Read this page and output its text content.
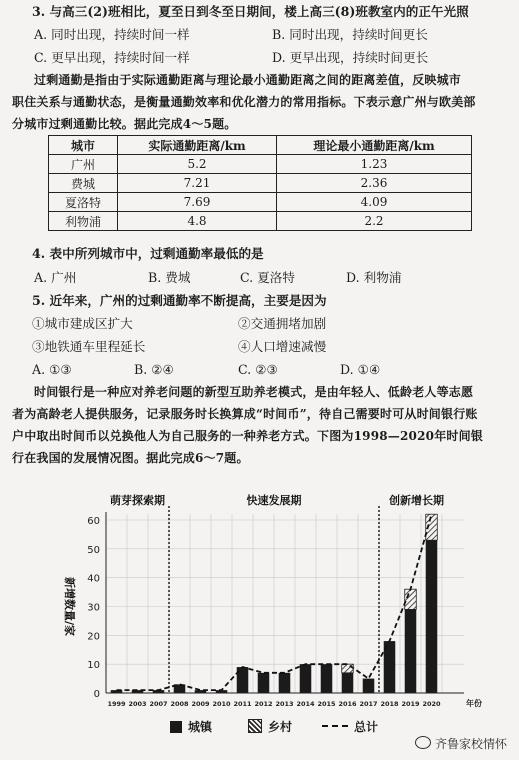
3. 与高三(2)班相比，夏至日到冬至日期间，楼上高三(8)班教室内的正午光照
A. 同时出现，持续时间一样	B. 同时出现，持续时间更长
C. 更早出现，持续时间一样	D. 更早出现，持续时间更长
过剩通勤是指由于实际通勤距离与理论最小通勤距离之间的距离差值，反映城市
职住关系与通勤状态，是衡量通勤效率和优化潜力的常用指标。下表示意广州与欧美部
分城市过剩通勤比较。据此完成4～5题。
城市	实际通勤距离/km	理论最小通勤距离/km
广州	5.2	1.23
费城	7.21	2.36
夏洛特	7.69	4.09
利物浦	4.8	2.2
4. 表中所列城市中，过剩通勤率最低的是
A. 广州	B. 费城	C. 夏洛特	D. 利物浦
5. 近年来，广州的过剩通勤率不断提高，主要是因为
①城市建成区扩大	②交通拥堵加剧
③地铁通车里程延长	④人口增速减慢
A. ①③	B. ②④	C. ②③	D. ①④
时间银行是一种应对养老问题的新型互助养老模式，是由年轻人、低龄老人等志愿
者为高龄老人提供服务，记录服务时长换算成“时间币”，待自己需要时可从时间银行账
户中取出时间币以兑换他人为自己服务的一种养老方式。下图为1998—2020年时间银
行在我国的发展情况图。据此完成6～7题。
0
10
20
30
40
50
60
1999 2003 2007 2008 2009 2010 2011 2012 2013 2014 2015 2016 2017 2018 2019 2020
萌芽探索期	快速发展期	创新增长期
新增数量/家
年份
城镇	乡村	总计
齐鲁家校情怀
